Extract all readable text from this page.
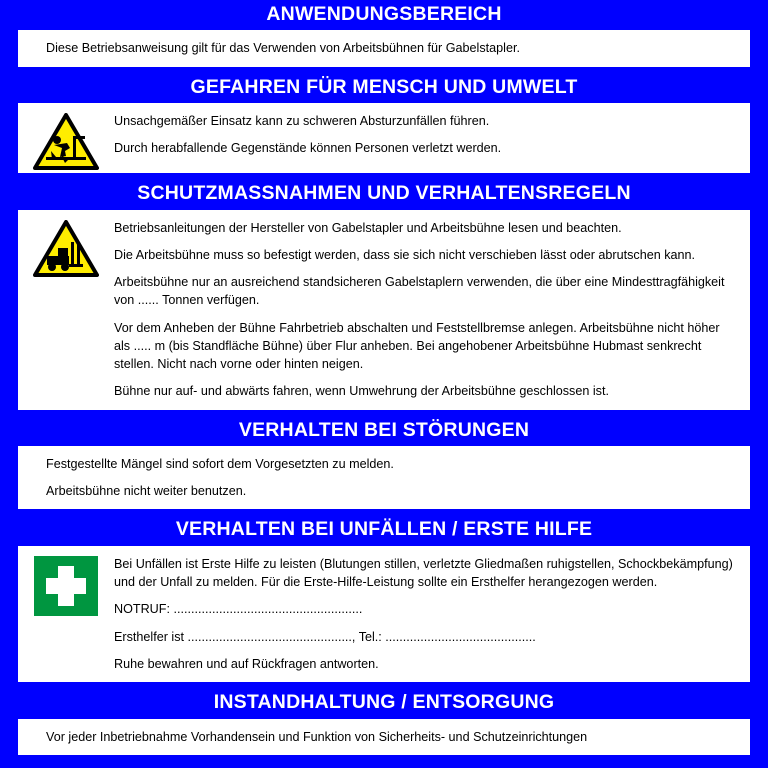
ANWENDUNGSBEREICH

Diese Betriebsanweisung gilt für das Verwenden von Arbeitsbühnen für Gabelstapler.

GEFAHREN FÜR MENSCH UND UMWELT

Unsachgemäßer Einsatz kann zu schweren Absturzunfällen führen.

Durch herabfallende Gegenstände können Personen verletzt werden.

SCHUTZMASSNAHMEN UND VERHALTENSREGELN

Betriebsanleitungen der Hersteller von Gabelstapler und Arbeitsbühne lesen und beachten.

Die Arbeitsbühne muss so befestigt werden, dass sie sich nicht verschieben lässt oder abrutschen kann.

Arbeitsbühne nur an ausreichend standsicheren Gabelstaplern verwenden, die über eine Mindesttragfähigkeit von ...... Tonnen verfügen.

Vor dem Anheben der Bühne Fahrbetrieb abschalten und Feststellbremse anlegen. Arbeitsbühne nicht höher als ..... m (bis Standfläche Bühne) über Flur anheben. Bei angehobener Arbeitsbühne Hubmast senkrecht stellen. Nicht nach vorne oder hinten neigen.

Bühne nur auf- und abwärts fahren, wenn Umwehrung der Arbeitsbühne geschlossen ist.

VERHALTEN BEI STÖRUNGEN

Festgestellte Mängel sind sofort dem Vorgesetzten zu melden.

Arbeitsbühne nicht weiter benutzen.

VERHALTEN BEI UNFÄLLEN / ERSTE HILFE

Bei Unfällen ist Erste Hilfe zu leisten (Blutungen stillen, verletzte Gliedmaßen ruhigstellen, Schockbekämpfung) und der Unfall zu melden. Für die Erste-Hilfe-Leistung sollte ein Ersthelfer herangezogen werden.

NOTRUF: ......................................................

Ersthelfer ist ..............................................., Tel.: ...........................................

Ruhe bewahren und auf Rückfragen antworten.

INSTANDHALTUNG / ENTSORGUNG

Vor jeder Inbetriebnahme Vorhandensein und Funktion von Sicherheits- und Schutzeinrichtungen
